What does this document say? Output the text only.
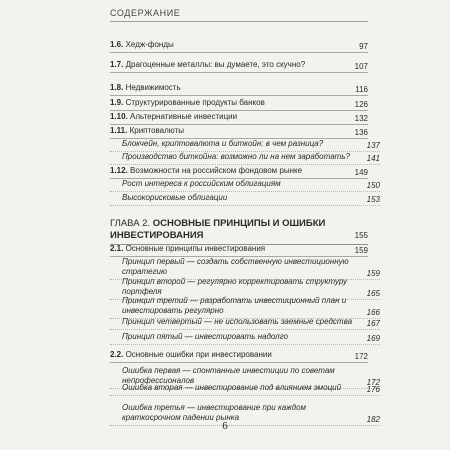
СОДЕРЖАНИЕ
1.6. Хедж-фонды	97
1.7. Драгоценные металлы: вы думаете, это скучно?	107
1.8. Недвижимость	116
1.9. Структурированные продукты банков	126
1.10. Альтернативные инвестиции	132
1.11. Криптовалюты	136
Блокчейн, криптовалюта и биткойн: в чем разница?	137
Производство биткойна: возможно ли на нем заработать?	141
1.12. Возможности на российском фондовом рынке	149
Рост интереса к российским облигациям	150
Высокорисковые облигации	153
ГЛАВА 2. ОСНОВНЫЕ ПРИНЦИПЫ И ОШИБКИ ИНВЕСТИРОВАНИЯ	155
2.1. Основные принципы инвестирования	159
Принцип первый — создать собственную инвестиционную стратегию	159
Принцип второй — регулярно корректировать структуру портфеля	165
Принцип третий — разработать инвестиционный план и инвестировать регулярно	166
Принцип четвертый — не использовать заемные средства	167
Принцип пятый — инвестировать надолго	169
2.2. Основные ошибки при инвестировании	172
Ошибка первая — спонтанные инвестиции по советам непрофессионалов	172
Ошибка вторая — инвестирование под влиянием эмоций	176
Ошибка третья — инвестирование при каждом краткосрочном падении рынка	182
6
